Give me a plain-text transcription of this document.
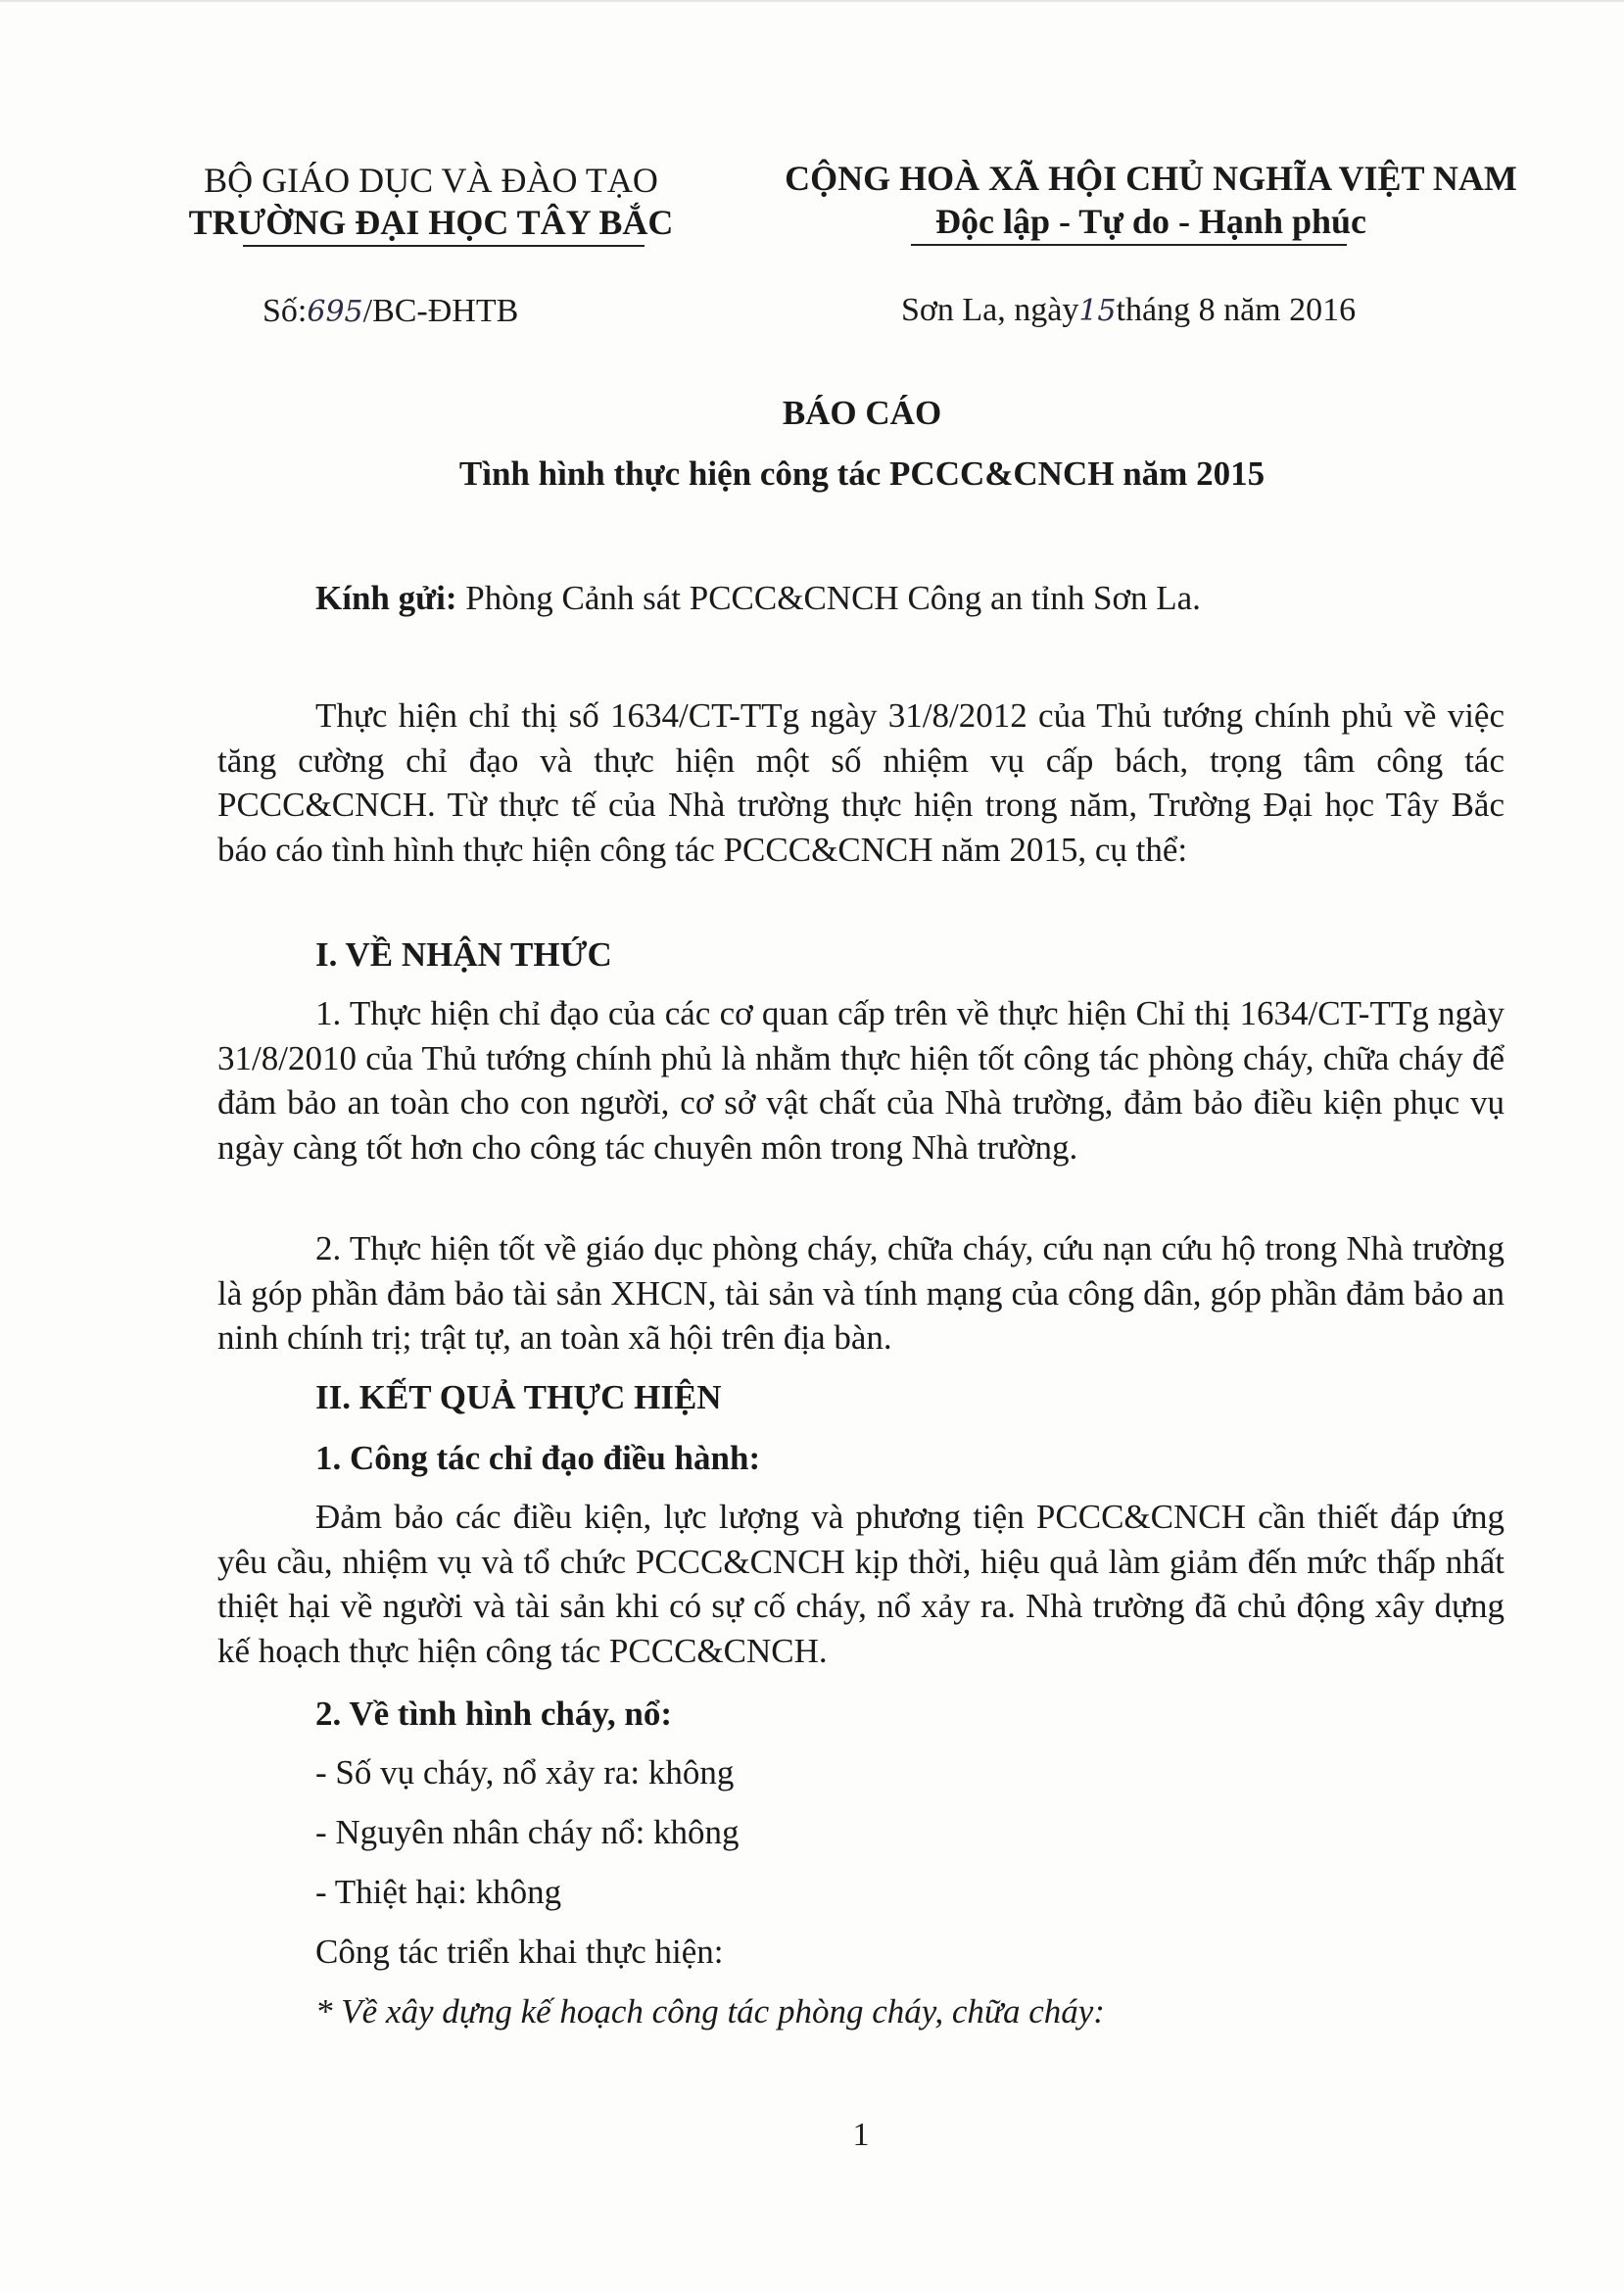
BỘ GIÁO DỤC VÀ ĐÀO TẠO
TRƯỜNG ĐẠI HỌC TÂY BẮC
CỘNG HOÀ XÃ HỘI CHỦ NGHĨA VIỆT NAM
Độc lập - Tự do - Hạnh phúc
Số:695/BC-ĐHTB	Sơn La, ngày15tháng 8 năm 2016
BÁO CÁO
Tình hình thực hiện công tác PCCC&CNCH năm 2015
Kính gửi: Phòng Cảnh sát PCCC&CNCH Công an tỉnh Sơn La.
Thực hiện chỉ thị số 1634/CT-TTg ngày 31/8/2012 của Thủ tướng chính phủ về việc tăng cường chỉ đạo và thực hiện một số nhiệm vụ cấp bách, trọng tâm công tác PCCC&CNCH. Từ thực tế của Nhà trường thực hiện trong năm, Trường Đại học Tây Bắc báo cáo tình hình thực hiện công tác PCCC&CNCH năm 2015, cụ thể:
I. VỀ NHẬN THỨC
1. Thực hiện chỉ đạo của các cơ quan cấp trên về thực hiện Chỉ thị 1634/CT-TTg ngày 31/8/2010 của Thủ tướng chính phủ là nhằm thực hiện tốt công tác phòng cháy, chữa cháy để đảm bảo an toàn cho con người, cơ sở vật chất của Nhà trường, đảm bảo điều kiện phục vụ ngày càng tốt hơn cho công tác chuyên môn trong Nhà trường.
2. Thực hiện tốt về giáo dục phòng cháy, chữa cháy, cứu nạn cứu hộ trong Nhà trường là góp phần đảm bảo tài sản XHCN, tài sản và tính mạng của công dân, góp phần đảm bảo an ninh chính trị; trật tự, an toàn xã hội trên địa bàn.
II. KẾT QUẢ THỰC HIỆN
1. Công tác chỉ đạo điều hành:
Đảm bảo các điều kiện, lực lượng và phương tiện PCCC&CNCH cần thiết đáp ứng yêu cầu, nhiệm vụ và tổ chức PCCC&CNCH kịp thời, hiệu quả làm giảm đến mức thấp nhất thiệt hại về người và tài sản khi có sự cố cháy, nổ xảy ra. Nhà trường đã chủ động xây dựng kế hoạch thực hiện công tác PCCC&CNCH.
2. Về tình hình cháy, nổ:
- Số vụ cháy, nổ xảy ra: không
- Nguyên nhân cháy nổ: không
- Thiệt hại: không
Công tác triển khai thực hiện:
* Về xây dựng kế hoạch công tác phòng cháy, chữa cháy:
1
